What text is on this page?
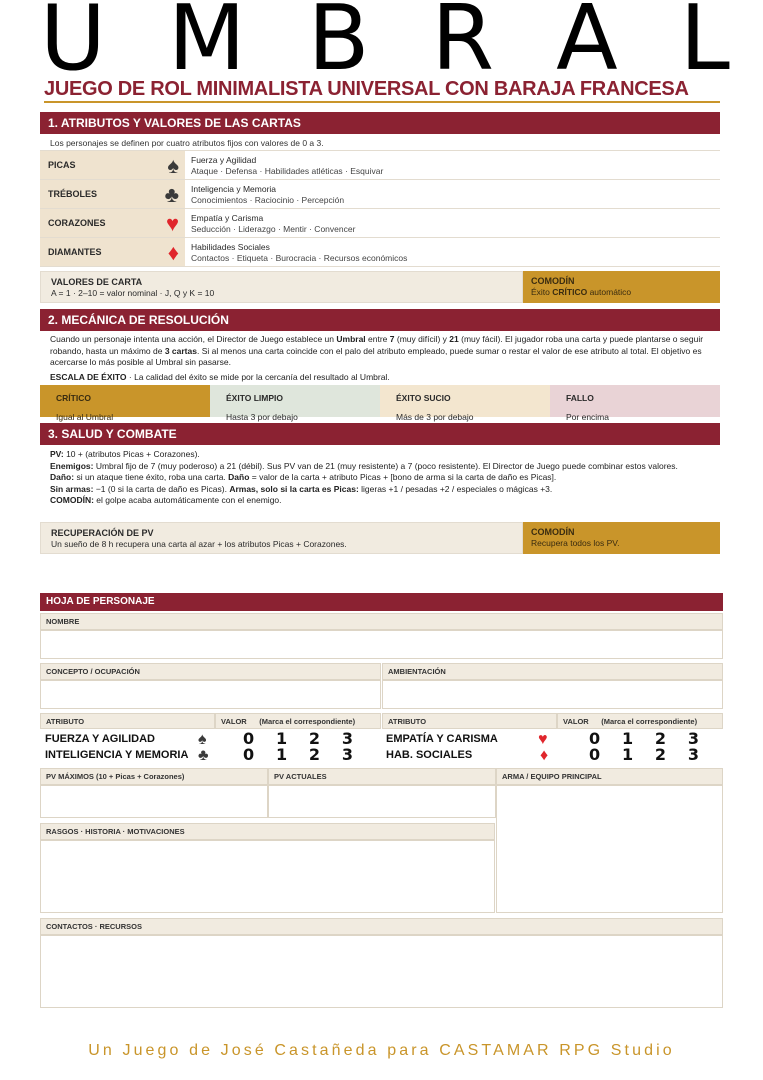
U M B R A L
JUEGO DE ROL MINIMALISTA UNIVERSAL CON BARAJA FRANCESA
1. ATRIBUTOS Y VALORES DE LAS CARTAS
Los personajes se definen por cuatro atributos fijos con valores de 0 a 3.
PICAS	♠ Fuerza y Agilidad
Ataque · Defensa · Habilidades atléticas · Esquivar
TRÉBOLES	♣ Inteligencia y Memoria
Conocimientos · Raciocinio · Percepción
CORAZONES	♥ Empatía y Carisma
Seducción · Liderazgo · Mentir · Convencer
DIAMANTES	♦ Habilidades Sociales
Contactos · Etiqueta · Burocracia · Recursos económicos
VALORES DE CARTA
A = 1 · 2–10 = valor nominal · J, Q y K = 10
COMODÍN
Éxito CRÍTICO automático
2. MECÁNICA DE RESOLUCIÓN
Cuando un personaje intenta una acción, el Director de Juego establece un Umbral entre 7 (muy difícil) y 21 (muy fácil). El jugador roba una carta y puede plantarse o seguir robando, hasta un máximo de 3 cartas. Si al menos una carta coincide con el palo del atributo empleado, puede sumar o restar el valor de ese atributo al total. El objetivo es acercarse lo más posible al Umbral sin pasarse.
ESCALA DE ÉXITO · La calidad del éxito se mide por la cercanía del resultado al Umbral.
CRÍTICO
Igual al Umbral
ÉXITO LIMPIO
Hasta 3 por debajo
ÉXITO SUCIO
Más de 3 por debajo
FALLO
Por encima
3. SALUD Y COMBATE
PV: 10 + (atributos Picas + Corazones).
Enemigos: Umbral fijo de 7 (muy poderoso) a 21 (débil). Sus PV van de 21 (muy resistente) a 7 (poco resistente). El Director de Juego puede combinar estos valores.
Daño: si un ataque tiene éxito, roba una carta. Daño = valor de la carta + atributo Picas + [bono de arma si la carta de daño es Picas].
Sin armas: −1 (0 si la carta de daño es Picas). Armas, solo si la carta es Picas: ligeras +1 / pesadas +2 / especiales o mágicas +3.
COMODÍN: el golpe acaba automáticamente con el enemigo.
RECUPERACIÓN DE PV
Un sueño de 8 h recupera una carta al azar + los atributos Picas + Corazones.
COMODÍN
Recupera todos los PV.
HOJA DE PERSONAJE
NOMBRE
CONCEPTO / OCUPACIÓN	AMBIENTACIÓN
ATRIBUTO	VALOR (Marca el correspondiente)	ATRIBUTO	VALOR (Marca el correspondiente)
FUERZA Y AGILIDAD	♠ 0 1 2 3
INTELIGENCIA Y MEMORIA ♣ 0 1 2 3
EMPATÍA Y CARISMA	♥	0 1 2 3
HAB. SOCIALES	♦	0 1 2 3
PV MÁXIMOS (10 + Picas + Corazones)	PV ACTUALES	ARMA / EQUIPO PRINCIPAL
RASGOS · HISTORIA · MOTIVACIONES
CONTACTOS · RECURSOS
Un Juego de José Castañeda para CASTAMAR RPG Studio
